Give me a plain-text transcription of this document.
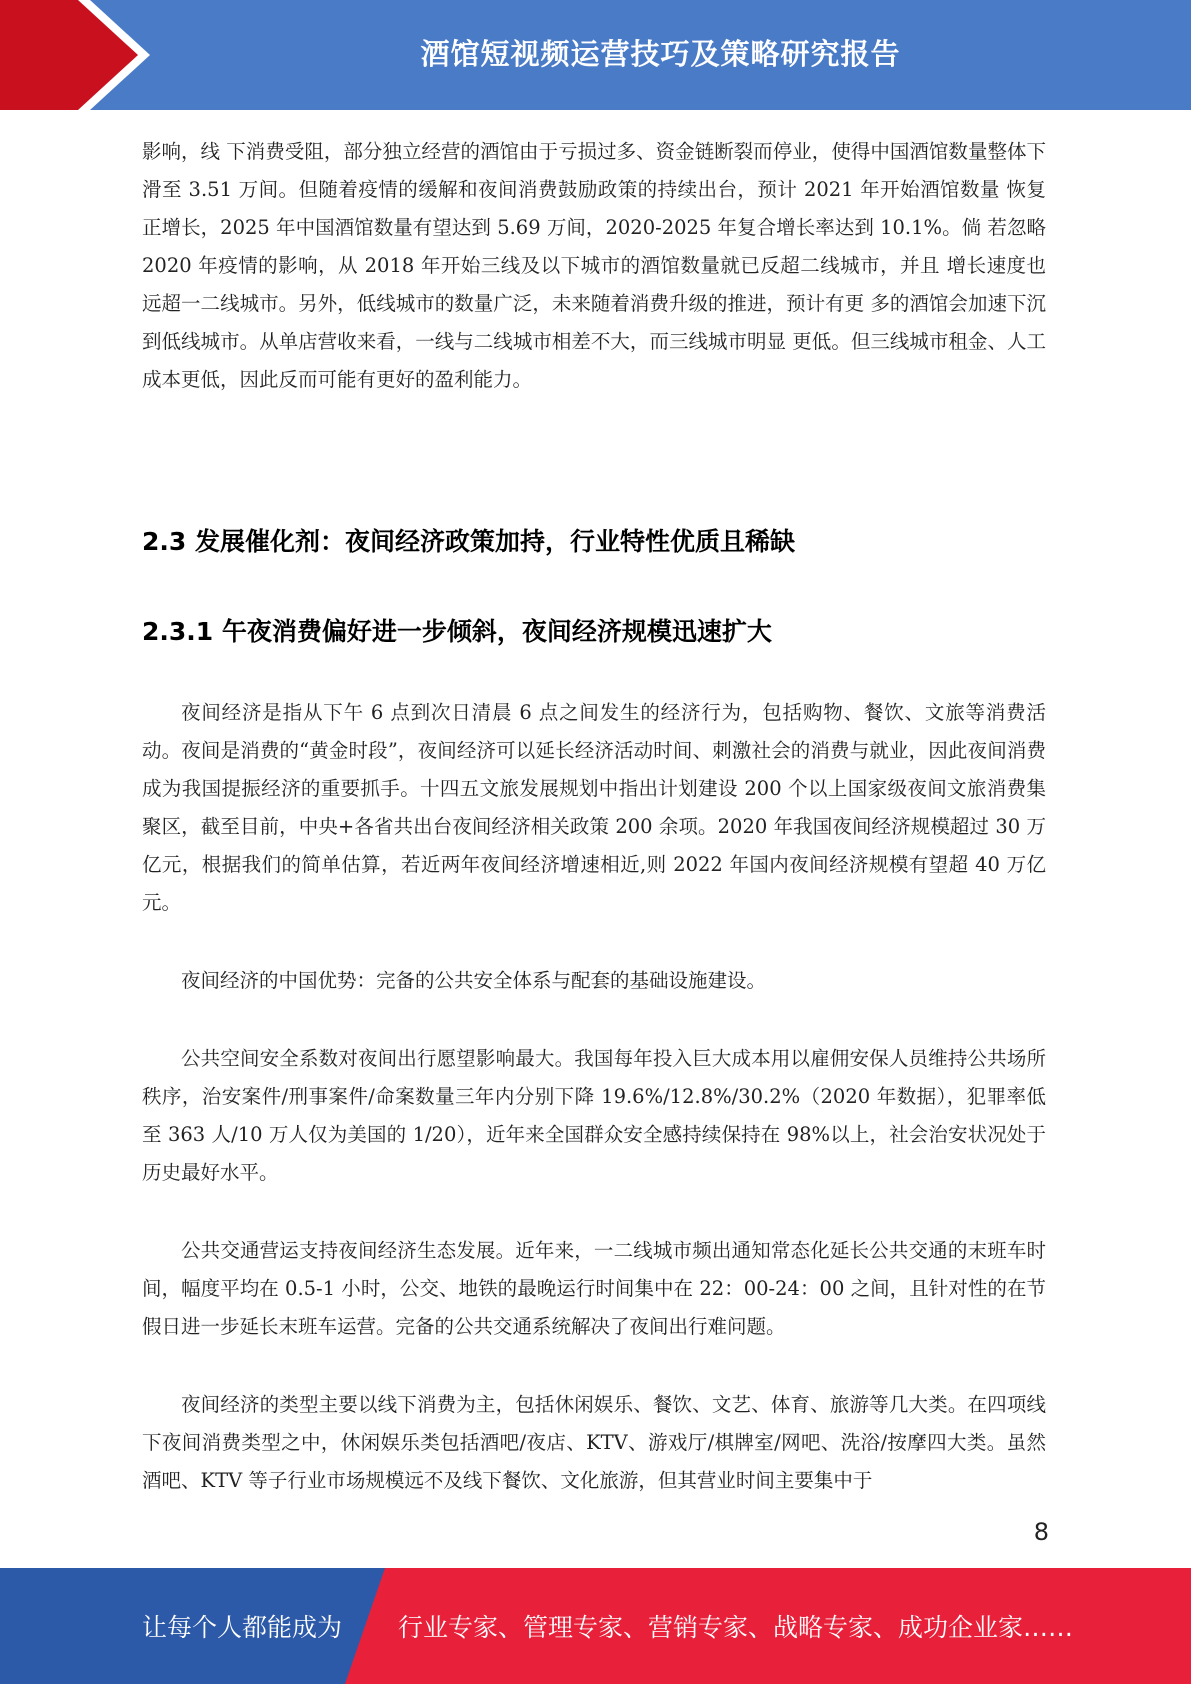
酒馆短视频运营技巧及策略研究报告

影响，线 下消费受阻，部分独立经营的酒馆由于亏损过多、资金链断裂而停业，使得中国酒馆数量整体下 滑至 3.51 万间。但随着疫情的缓解和夜间消费鼓励政策的持续出台，预计 2021 年开始酒馆数量 恢复正增长，2025 年中国酒馆数量有望达到 5.69 万间，2020-2025 年复合增长率达到 10.1%。倘 若忽略 2020 年疫情的影响，从 2018 年开始三线及以下城市的酒馆数量就已反超二线城市，并且 增长速度也远超一二线城市。另外，低线城市的数量广泛，未来随着消费升级的推进，预计有更 多的酒馆会加速下沉到低线城市。从单店营收来看，一线与二线城市相差不大，而三线城市明显 更低。但三线城市租金、人工成本更低，因此反而可能有更好的盈利能力。

2.3 发展催化剂：夜间经济政策加持，行业特性优质且稀缺
2.3.1 午夜消费偏好进一步倾斜，夜间经济规模迅速扩大

夜间经济是指从下午 6 点到次日清晨 6 点之间发生的经济行为，包括购物、餐饮、文旅等消费活动。夜间是消费的“黄金时段”，夜间经济可以延长经济活动时间、刺激社会的消费与就业，因此夜间消费成为我国提振经济的重要抓手。十四五文旅发展规划中指出计划建设 200 个以上国家级夜间文旅消费集聚区，截至目前，中央+各省共出台夜间经济相关政策 200 余项。2020 年我国夜间经济规模超过 30 万亿元，根据我们的简单估算，若近两年夜间经济增速相近,则 2022 年国内夜间经济规模有望超 40 万亿元。

夜间经济的中国优势：完备的公共安全体系与配套的基础设施建设。

公共空间安全系数对夜间出行愿望影响最大。我国每年投入巨大成本用以雇佣安保人员维持公共场所秩序，治安案件/刑事案件/命案数量三年内分别下降 19.6%/12.8%/30.2%（2020 年数据），犯罪率低至 363 人/10 万人仅为美国的 1/20），近年来全国群众安全感持续保持在 98%以上，社会治安状况处于历史最好水平。

公共交通营运支持夜间经济生态发展。近年来，一二线城市频出通知常态化延长公共交通的末班车时间，幅度平均在 0.5-1 小时，公交、地铁的最晚运行时间集中在 22：00-24：00 之间，且针对性的在节假日进一步延长末班车运营。完备的公共交通系统解决了夜间出行难问题。

夜间经济的类型主要以线下消费为主，包括休闲娱乐、餐饮、文艺、体育、旅游等几大类。在四项线下夜间消费类型之中，休闲娱乐类包括酒吧/夜店、KTV、游戏厅/棋牌室/网吧、洗浴/按摩四大类。虽然酒吧、KTV 等子行业市场规模远不及线下餐饮、文化旅游，但其营业时间主要集中于

8
让每个人都能成为 行业专家、管理专家、营销专家、战略专家、成功企业家……
